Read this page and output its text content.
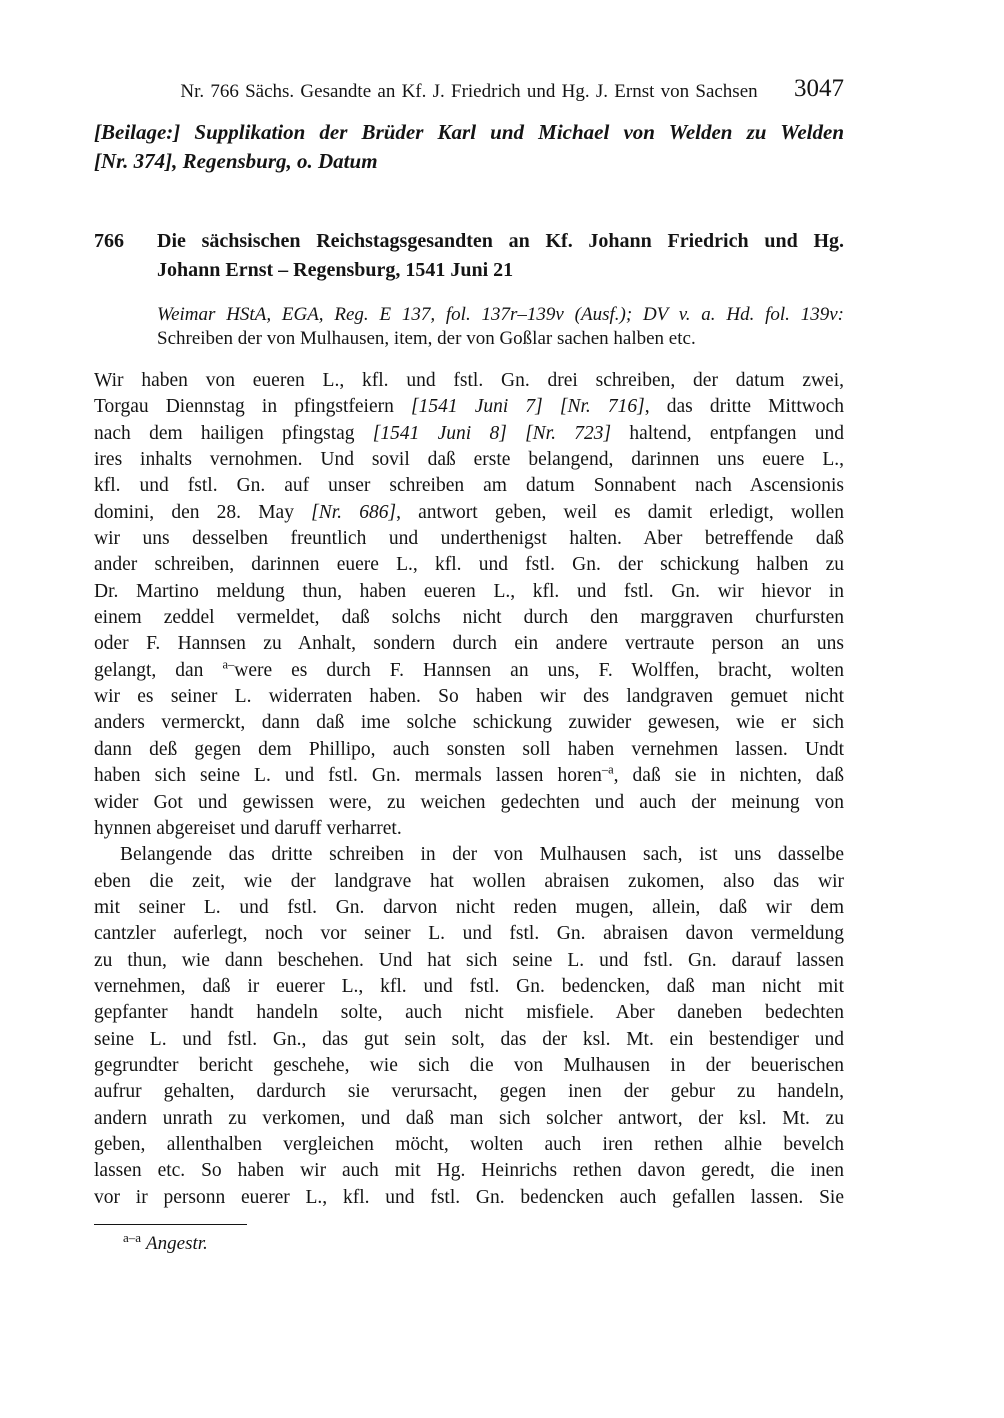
Nr. 766 Sächs. Gesandte an Kf. J. Friedrich und Hg. J. Ernst von Sachsen	3047
[Beilage:] Supplikation der Brüder Karl und Michael von Welden zu Welden
[Nr. 374], Regensburg, o. Datum
766 Die sächsischen Reichstagsgesandten an Kf. Johann Friedrich und Hg.
Johann Ernst – Regensburg, 1541 Juni 21
Weimar HStA, EGA, Reg. E 137, fol. 137r–139v (Ausf.); DV v. a. Hd. fol. 139v:
Schreiben der von Mulhausen, item, der von Goßlar sachen halben etc.
Wir haben von eueren L., kfl. und fstl. Gn. drei schreiben, der datum zwei,
Torgau Diennstag in pfingstfeiern [1541 Juni 7] [Nr. 716], das dritte Mittwoch
nach dem hailigen pfingstag [1541 Juni 8] [Nr. 723] haltend, entpfangen und
ires inhalts vernohmen. Und sovil daß erste belangend, darinnen uns euere L.,
kfl. und fstl. Gn. auf unser schreiben am datum Sonnabent nach Ascensionis
domini, den 28. May [Nr. 686], antwort geben, weil es damit erledigt, wollen
wir uns desselben freuntlich und underthenigst halten. Aber betreffende daß
ander schreiben, darinnen euere L., kfl. und fstl. Gn. der schickung halben zu
Dr. Martino meldung thun, haben eueren L., kfl. und fstl. Gn. wir hievor in
einem zeddel vermeldet, daß solchs nicht durch den marggraven churfursten
oder F. Hannsen zu Anhalt, sondern durch ein andere vertraute person an uns
gelangt, dan $^{a-}$were es durch F. Hannsen an uns, F. Wolffen, bracht, wolten
wir es seiner L. widerraten haben. So haben wir des landgraven gemuet nicht
anders vermerckt, dann daß ime solche schickung zuwider gewesen, wie er sich
dann deß gegen dem Phillipo, auch sonsten soll haben vernehmen lassen. Undt
haben sich seine L. und fstl. Gn. mermals lassen horen$^{-a}$, daß sie in nichten, daß
wider Got und gewissen were, zu weichen gedechten und auch der meinung von
hynnen abgereiset und daruff verharret.
Belangende das dritte schreiben in der von Mulhausen sach, ist uns dasselbe
eben die zeit, wie der landgrave hat wollen abraisen zukomen, also das wir
mit seiner L. und fstl. Gn. darvon nicht reden mugen, allein, daß wir dem
cantzler auferlegt, noch vor seiner L. und fstl. Gn. abraisen davon vermeldung
zu thun, wie dann beschehen. Und hat sich seine L. und fstl. Gn. darauf lassen
vernehmen, daß ir euerer L., kfl. und fstl. Gn. bedencken, daß man nicht mit
gepfanter handt handeln solte, auch nicht misfiele. Aber daneben bedechten
seine L. und fstl. Gn., das gut sein solt, das der ksl. Mt. ein bestendiger und
gegrundter bericht geschehe, wie sich die von Mulhausen in der beuerischen
aufrur gehalten, dardurch sie verursacht, gegen inen der gebur zu handeln,
andern unrath zu verkomen, und daß man sich solcher antwort, der ksl. Mt. zu
geben, allenthalben vergleichen möcht, wolten auch iren rethen alhie bevelch
lassen etc. So haben wir auch mit Hg. Heinrichs rethen davon geredt, die inen
vor ir personn euerer L., kfl. und fstl. Gn. bedencken auch gefallen lassen. Sie
$^{a-a}$ Angestr.
